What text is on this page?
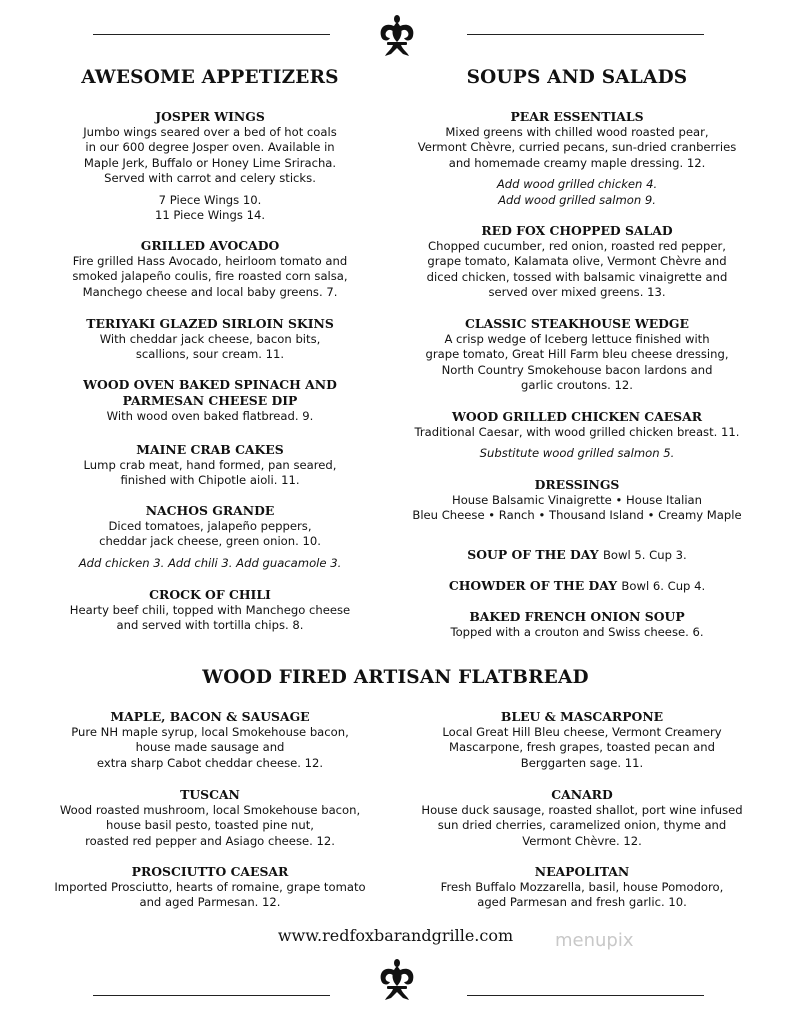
AWESOME APPETIZERS
JOSPER WINGS
Jumbo wings seared over a bed of hot coals
in our 600 degree Josper oven. Available in
Maple Jerk, Buffalo or Honey Lime Sriracha.
Served with carrot and celery sticks.
7 Piece Wings 10.
11 Piece Wings 14.
GRILLED AVOCADO
Fire grilled Hass Avocado, heirloom tomato and
smoked jalapeño coulis, fire roasted corn salsa,
Manchego cheese and local baby greens. 7.
TERIYAKI GLAZED SIRLOIN SKINS
With cheddar jack cheese, bacon bits,
scallions, sour cream. 11.
WOOD OVEN BAKED SPINACH AND
PARMESAN CHEESE DIP
With wood oven baked flatbread. 9.
MAINE CRAB CAKES
Lump crab meat, hand formed, pan seared,
finished with Chipotle aioli. 11.
NACHOS GRANDE
Diced tomatoes, jalapeño peppers,
cheddar jack cheese, green onion. 10.
Add chicken 3. Add chili 3. Add guacamole 3.
CROCK OF CHILI
Hearty beef chili, topped with Manchego cheese
and served with tortilla chips. 8.
SOUPS AND SALADS
PEAR ESSENTIALS
Mixed greens with chilled wood roasted pear,
Vermont Chèvre, curried pecans, sun-dried cranberries
and homemade creamy maple dressing. 12.
Add wood grilled chicken 4.
Add wood grilled salmon 9.
RED FOX CHOPPED SALAD
Chopped cucumber, red onion, roasted red pepper,
grape tomato, Kalamata olive, Vermont Chèvre and
diced chicken, tossed with balsamic vinaigrette and
served over mixed greens. 13.
CLASSIC STEAKHOUSE WEDGE
A crisp wedge of Iceberg lettuce finished with
grape tomato, Great Hill Farm bleu cheese dressing,
North Country Smokehouse bacon lardons and
garlic croutons. 12.
WOOD GRILLED CHICKEN CAESAR
Traditional Caesar, with wood grilled chicken breast. 11.
Substitute wood grilled salmon 5.
DRESSINGS
House Balsamic Vinaigrette • House Italian
Bleu Cheese • Ranch • Thousand Island • Creamy Maple
SOUP OF THE DAY Bowl 5. Cup 3.
CHOWDER OF THE DAY Bowl 6. Cup 4.
BAKED FRENCH ONION SOUP
Topped with a crouton and Swiss cheese. 6.
WOOD FIRED ARTISAN FLATBREAD
MAPLE, BACON & SAUSAGE
Pure NH maple syrup, local Smokehouse bacon,
house made sausage and
extra sharp Cabot cheddar cheese. 12.
TUSCAN
Wood roasted mushroom, local Smokehouse bacon,
house basil pesto, toasted pine nut,
roasted red pepper and Asiago cheese. 12.
PROSCIUTTO CAESAR
Imported Prosciutto, hearts of romaine, grape tomato
and aged Parmesan. 12.
BLEU & MASCARPONE
Local Great Hill Bleu cheese, Vermont Creamery
Mascarpone, fresh grapes, toasted pecan and
Berggarten sage. 11.
CANARD
House duck sausage, roasted shallot, port wine infused
sun dried cherries, caramelized onion, thyme and
Vermont Chèvre. 12.
NEAPOLITAN
Fresh Buffalo Mozzarella, basil, house Pomodoro,
aged Parmesan and fresh garlic. 10.
www.redfoxbarandgrille.com	menupix
